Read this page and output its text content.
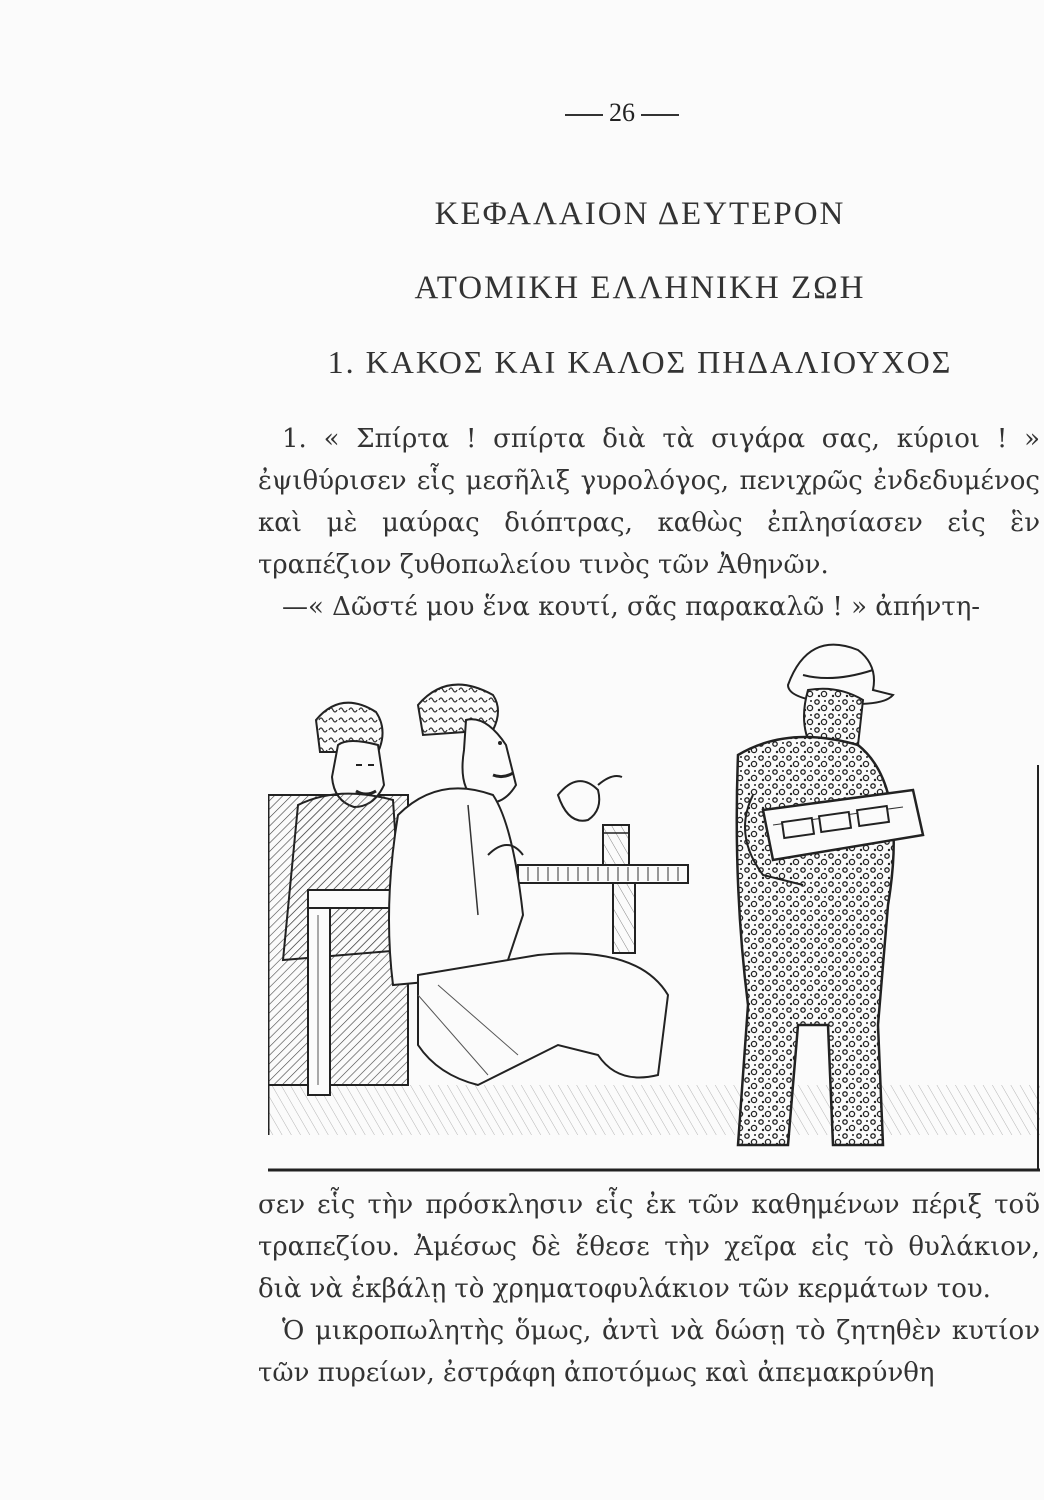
26
ΚΕΦΑΛΑΙΟΝ ΔΕΥΤΕΡΟΝ
ΑΤΟΜΙΚΗ ΕΛΛΗΝΙΚΗ ΖΩΗ
1. ΚΑΚΟΣ ΚΑΙ ΚΑΛΟΣ ΠΗΔΑΛΙΟΥΧΟΣ

1. « Σπίρτα ! σπίρτα διὰ τὰ σιγάρα σας, κύριοι ! » ἐψιθύρισεν εἷς μεσῆλιξ γυρολόγος, πενιχρῶς ἐνδεδυμένος καὶ μὲ μαύρας διόπτρας, καθὼς ἐπλησίασεν εἰς ἓν τραπέζιον ζυθοπωλείου τινὸς τῶν Ἀθηνῶν.

—« Δῶστέ μου ἕνα κουτί, σᾶς παρακαλῶ ! » ἀπήντη-

σεν εἷς τὴν πρόσκλησιν εἷς ἐκ τῶν καθημένων πέριξ τοῦ τραπεζίου. Ἀμέσως δὲ ἔθεσε τὴν χεῖρα εἰς τὸ θυλάκιον, διὰ νὰ ἐκβάλῃ τὸ χρηματοφυλάκιον τῶν κερμάτων του.

Ὁ μικροπωλητὴς ὅμως, ἀντὶ νὰ δώσῃ τὸ ζητηθὲν κυτίον τῶν πυρείων, ἐστράφη ἀποτόμως καὶ ἀπεμακρύνθη
